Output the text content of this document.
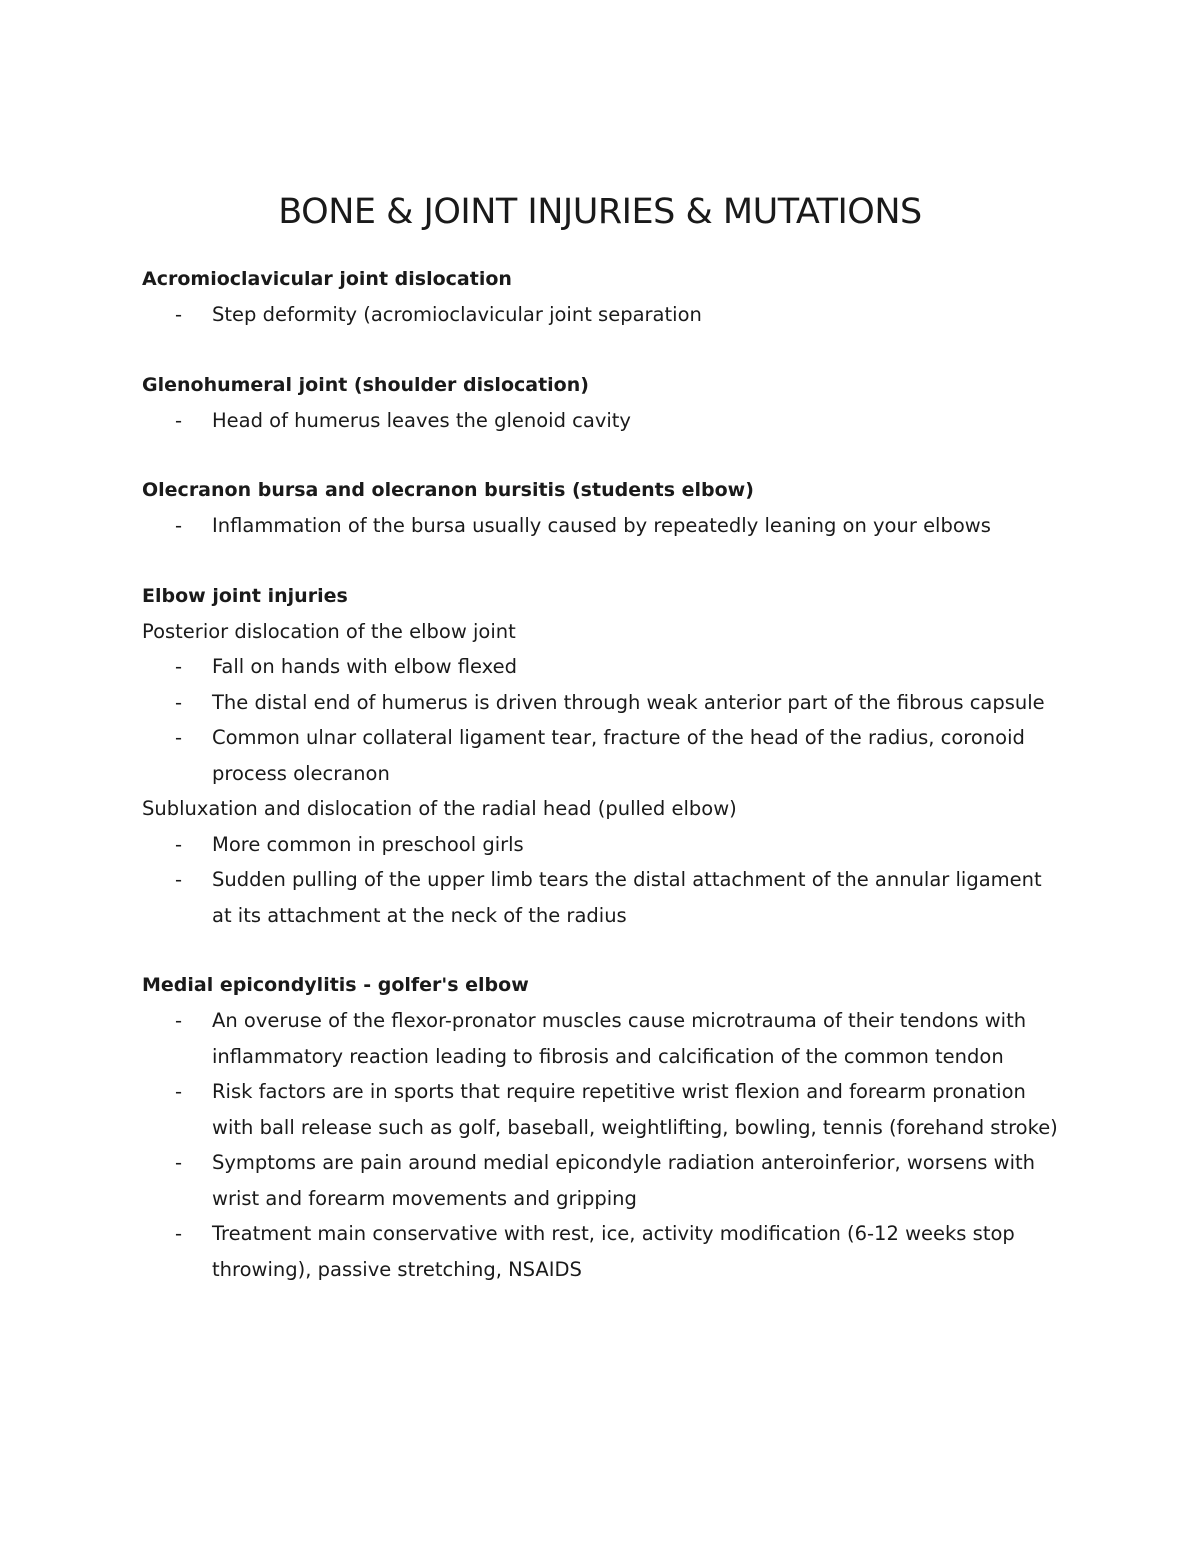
BONE & JOINT INJURIES & MUTATIONS
Acromioclavicular joint dislocation
- Step deformity (acromioclavicular joint separation
Glenohumeral joint (shoulder dislocation)
- Head of humerus leaves the glenoid cavity
Olecranon bursa and olecranon bursitis (students elbow)
- Inflammation of the bursa usually caused by repeatedly leaning on your elbows
Elbow joint injuries
Posterior dislocation of the elbow joint
- Fall on hands with elbow flexed
- The distal end of humerus is driven through weak anterior part of the fibrous capsule
- Common ulnar collateral ligament tear, fracture of the head of the radius, coronoid process olecranon
Subluxation and dislocation of the radial head (pulled elbow)
- More common in preschool girls
- Sudden pulling of the upper limb tears the distal attachment of the annular ligament at its attachment at the neck of the radius
Medial epicondylitis - golfer's elbow
- An overuse of the flexor-pronator muscles cause microtrauma of their tendons with inflammatory reaction leading to fibrosis and calcification of the common tendon
- Risk factors are in sports that require repetitive wrist flexion and forearm pronation with ball release such as golf, baseball, weightlifting, bowling, tennis (forehand stroke)
- Symptoms are pain around medial epicondyle radiation anteroinferior, worsens with wrist and forearm movements and gripping
- Treatment main conservative with rest, ice, activity modification (6-12 weeks stop throwing), passive stretching, NSAIDS
